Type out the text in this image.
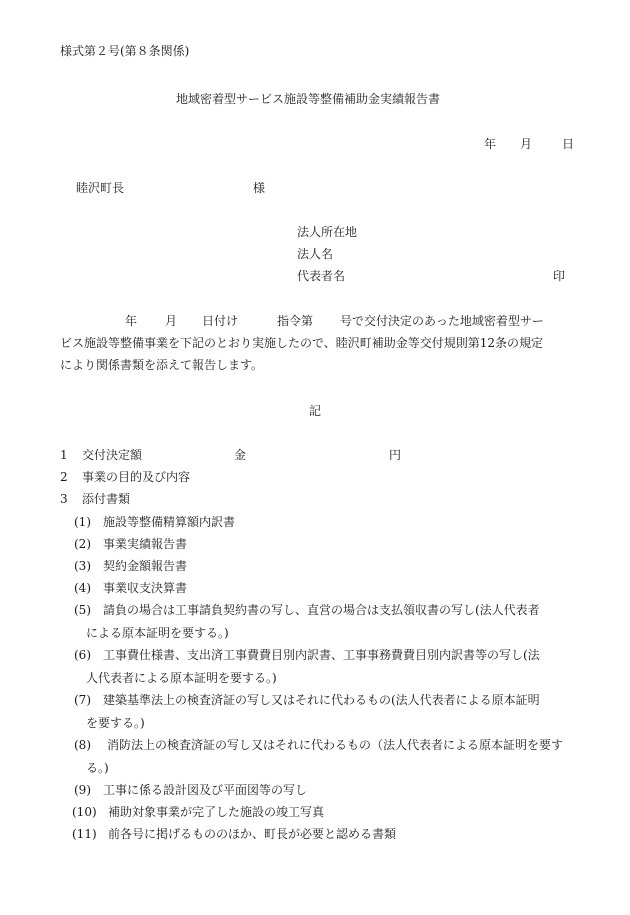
様式第２号(第８条関係)
地域密着型サービス施設等整備補助金実績報告書
年 月 日
睦沢町長	様
法人所在地
法人名
代表者名	印
年 月 日付け	指令第 号で交付決定のあった地域密着型サー
ビス施設等整備事業を下記のとおり実施したので、睦沢町補助金等交付規則第12条の規定
により関係書類を添えて報告します。
記
1 交付決定額	金	円
2 事業の目的及び内容
3 添付書類
(1) 施設等整備精算額内訳書
(2) 事業実績報告書
(3) 契約金額報告書
(4) 事業収支決算書
(5) 請負の場合は工事請負契約書の写し、直営の場合は支払領収書の写し(法人代表者
による原本証明を要する。)
(6) 工事費仕様書、支出済工事費費目別内訳書、工事事務費費目別内訳書等の写し(法
人代表者による原本証明を要する。)
(7) 建築基準法上の検査済証の写し又はそれに代わるもの(法人代表者による原本証明
を要する。)
(8) 消防法上の検査済証の写し又はそれに代わるもの（法人代表者による原本証明を要す
る。)
(9) 工事に係る設計図及び平面図等の写し
(10) 補助対象事業が完了した施設の竣工写真
(11) 前各号に掲げるもののほか、町長が必要と認める書類
